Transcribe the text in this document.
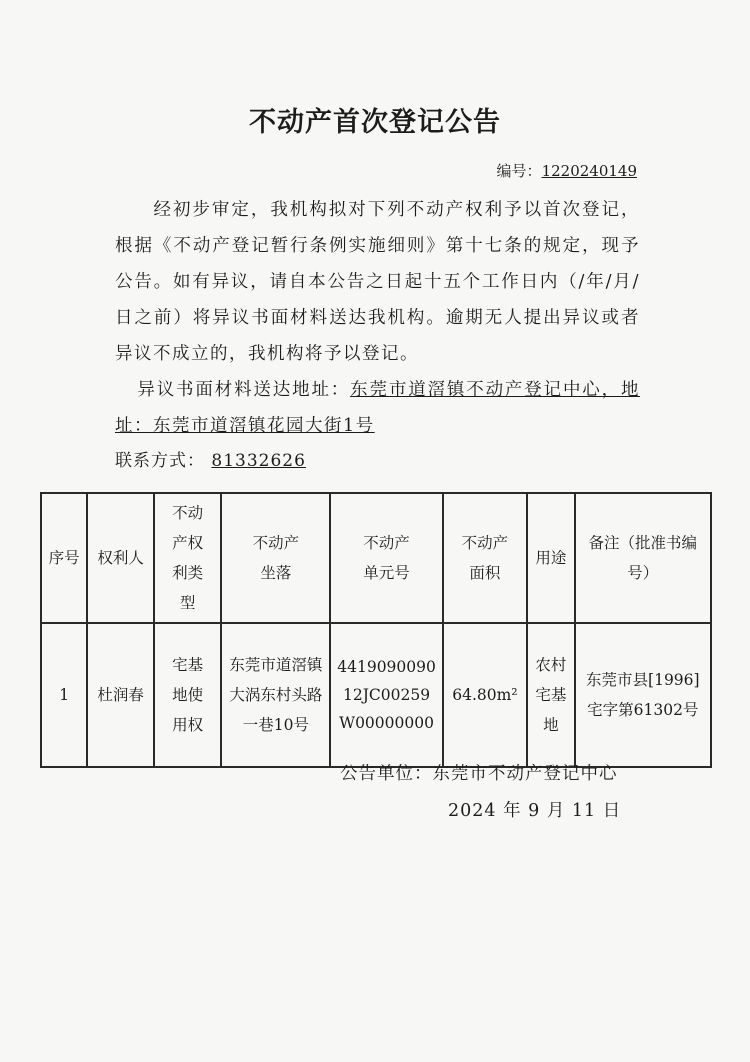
不动产首次登记公告
编号：1220240149
经初步审定，我机构拟对下列不动产权利予以首次登记，根据《不动产登记暂行条例实施细则》第十七条的规定，现予公告。如有异议，请自本公告之日起十五个工作日内（/年/月/日之前）将异议书面材料送达我机构。逾期无人提出异议或者异议不成立的，我机构将予以登记。
异议书面材料送达地址：东莞市道滘镇不动产登记中心，地址：东莞市道滘镇花园大街1号
联系方式： 81332626
序号	权利人	不动产权利类型	不动产坐落	不动产单元号	不动产面积	用途	备注（批准书编号）
1	杜润春	宅基地使用权	东莞市道滘镇大涡东村头路一巷10号	441909009012JC00259W00000000	64.80m²	农村宅基地	东莞市县[1996]宅字第61302号
公告单位：东莞市不动产登记中心
2024 年 9 月 11 日
